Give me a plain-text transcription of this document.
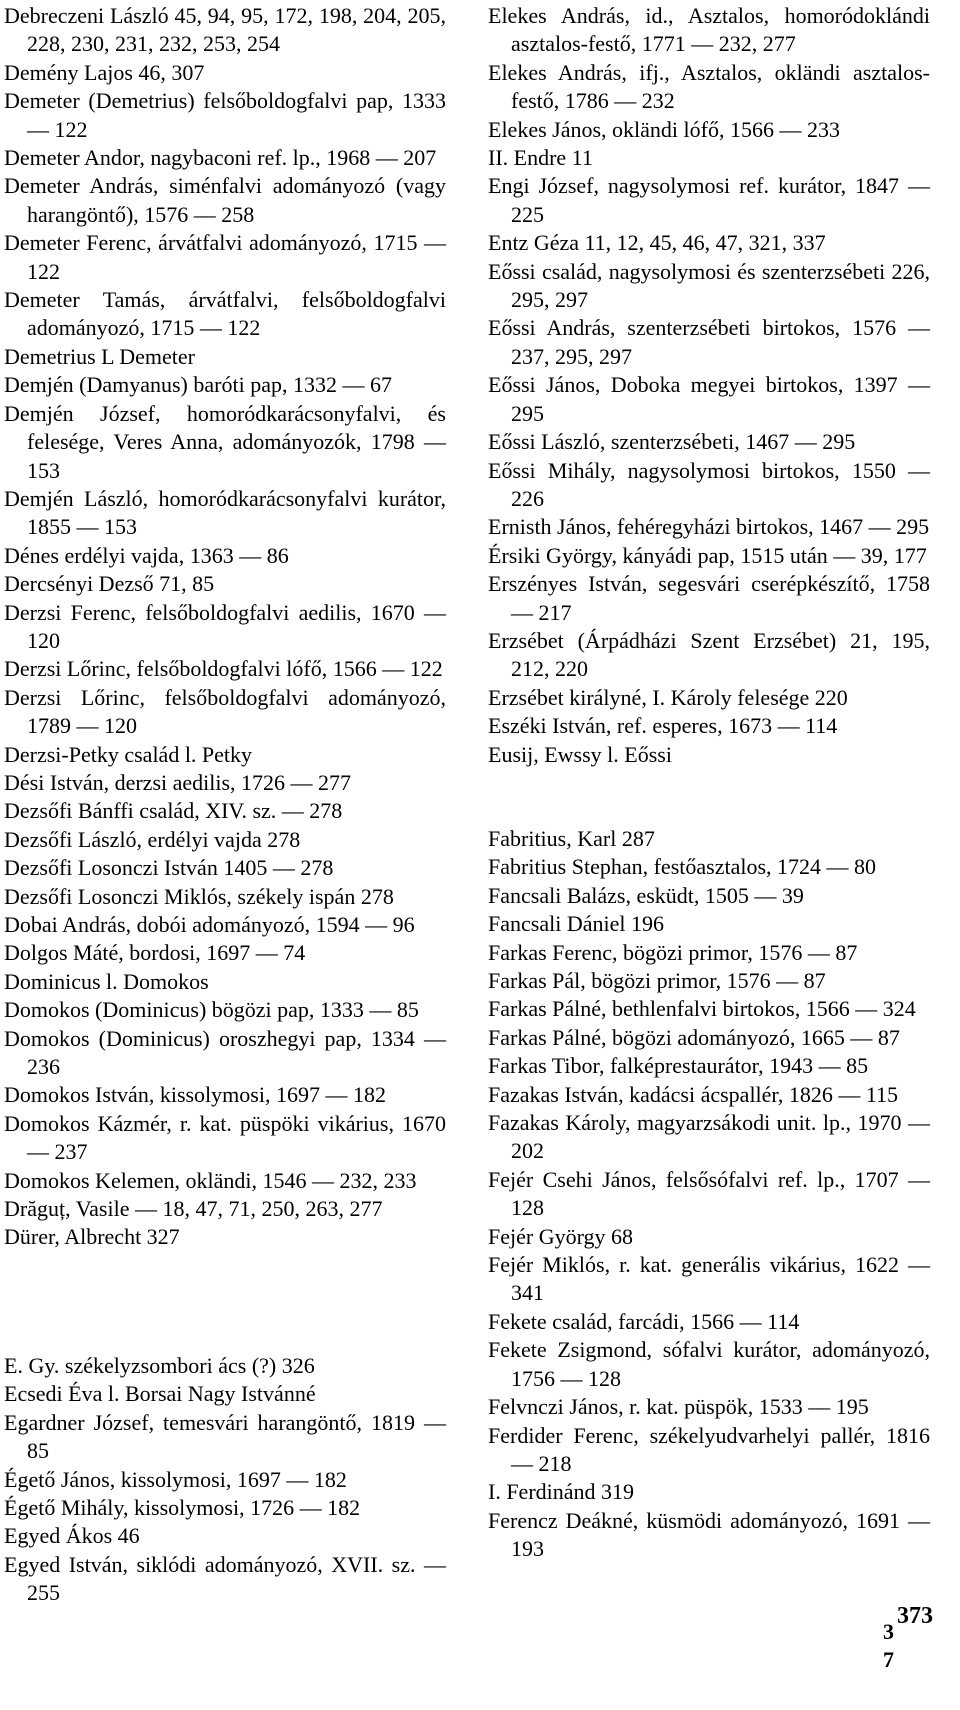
Debreczeni László 45, 94, 95, 172, 198, 204, 205, 228, 230, 231, 232, 253, 254

Demény Lajos 46, 307

Demeter (Demetrius) felsőboldogfalvi pap, 1333 — 122

Demeter Andor, nagybaconi ref. lp., 1968 — 207

Demeter András, siménfalvi adományozó (vagy harangöntő), 1576 — 258

Demeter Ferenc, árvátfalvi adományozó, 1715 — 122

Demeter Tamás, árvátfalvi, felsőboldogfalvi adományozó, 1715 — 122

Demetrius L Demeter

Demjén (Damyanus) baróti pap, 1332 — 67

Demjén József, homoródkarácsonyfalvi, és felesége, Veres Anna, adományozók, 1798 — 153

Demjén László, homoródkarácsonyfalvi kurátor, 1855 — 153

Dénes erdélyi vajda, 1363 — 86

Dercsényi Dezső 71, 85

Derzsi Ferenc, felsőboldogfalvi aedilis, 1670 — 120

Derzsi Lőrinc, felsőboldogfalvi lófő, 1566 — 122

Derzsi Lőrinc, felsőboldogfalvi adományozó, 1789 — 120

Derzsi-Petky család l. Petky

Dési István, derzsi aedilis, 1726 — 277

Dezsőfi Bánffi család, XIV. sz. — 278

Dezsőfi László, erdélyi vajda 278

Dezsőfi Losonczi István 1405 — 278

Dezsőfi Losonczi Miklós, székely ispán 278

Dobai András, dobói adományozó, 1594 — 96

Dolgos Máté, bordosi, 1697 — 74

Dominicus l. Domokos

Domokos (Dominicus) bögözi pap, 1333 — 85

Domokos (Dominicus) oroszhegyi pap, 1334 — 236

Domokos István, kissolymosi, 1697 — 182

Domokos Kázmér, r. kat. püspöki vikárius, 1670 — 237

Domokos Kelemen, okländi, 1546 — 232, 233

Drăguț, Vasile — 18, 47, 71, 250, 263, 277

Dürer, Albrecht 327

E. Gy. székelyzsombori ács (?) 326

Ecsedi Éva l. Borsai Nagy Istvánné

Egardner József, temesvári harangöntő, 1819 — 85

Égető János, kissolymosi, 1697 — 182

Égető Mihály, kissolymosi, 1726 — 182

Egyed Ákos 46

Egyed István, siklódi adományozó, XVII. sz. — 255

Elekes András, id., Asztalos, homoródoklándi asztalos-festő, 1771 — 232, 277

Elekes András, ifj., Asztalos, okländi asztalos-festő, 1786 — 232

Elekes János, okländi lófő, 1566 — 233

II. Endre 11

Engi József, nagysolymosi ref. kurátor, 1847 — 225

Entz Géza 11, 12, 45, 46, 47, 321, 337

Eőssi család, nagysolymosi és szenterzsébeti 226, 295, 297

Eőssi András, szenterzsébeti birtokos, 1576 — 237, 295, 297

Eőssi János, Doboka megyei birtokos, 1397 — 295

Eőssi László, szenterzsébeti, 1467 — 295

Eőssi Mihály, nagysolymosi birtokos, 1550 — 226

Ernisth János, fehéregyházi birtokos, 1467 — 295

Érsiki György, kányádi pap, 1515 után — 39, 177

Erszényes István, segesvári cserépkészítő, 1758 — 217

Erzsébet (Árpádházi Szent Erzsébet) 21, 195, 212, 220

Erzsébet királyné, I. Károly felesége 220

Eszéki István, ref. esperes, 1673 — 114

Eusij, Ewssy l. Eőssi

Fabritius, Karl 287

Fabritius Stephan, festőasztalos, 1724 — 80

Fancsali Balázs, esküdt, 1505 — 39

Fancsali Dániel 196

Farkas Ferenc, bögözi primor, 1576 — 87

Farkas Pál, bögözi primor, 1576 — 87

Farkas Pálné, bethlenfalvi birtokos, 1566 — 324

Farkas Pálné, bögözi adományozó, 1665 — 87

Farkas Tibor, falképrestaurátor, 1943 — 85

Fazakas István, kadácsi ácspallér, 1826 — 115

Fazakas Károly, magyarzsákodi unit. lp., 1970 — 202

Fejér Csehi János, felsősófalvi ref. lp., 1707 — 128

Fejér György 68

Fejér Miklós, r. kat. generális vikárius, 1622 — 341

Fekete család, farcádi, 1566 — 114

Fekete Zsigmond, sófalvi kurátor, adományozó, 1756 — 128

Felvnczi János, r. kat. püspök, 1533 — 195

Ferdider Ferenc, székelyudvarhelyi pallér, 1816 — 218

I. Ferdinánd 319

Ferencz Deákné, küsmödi adományozó, 1691 — 193

373
3
7
